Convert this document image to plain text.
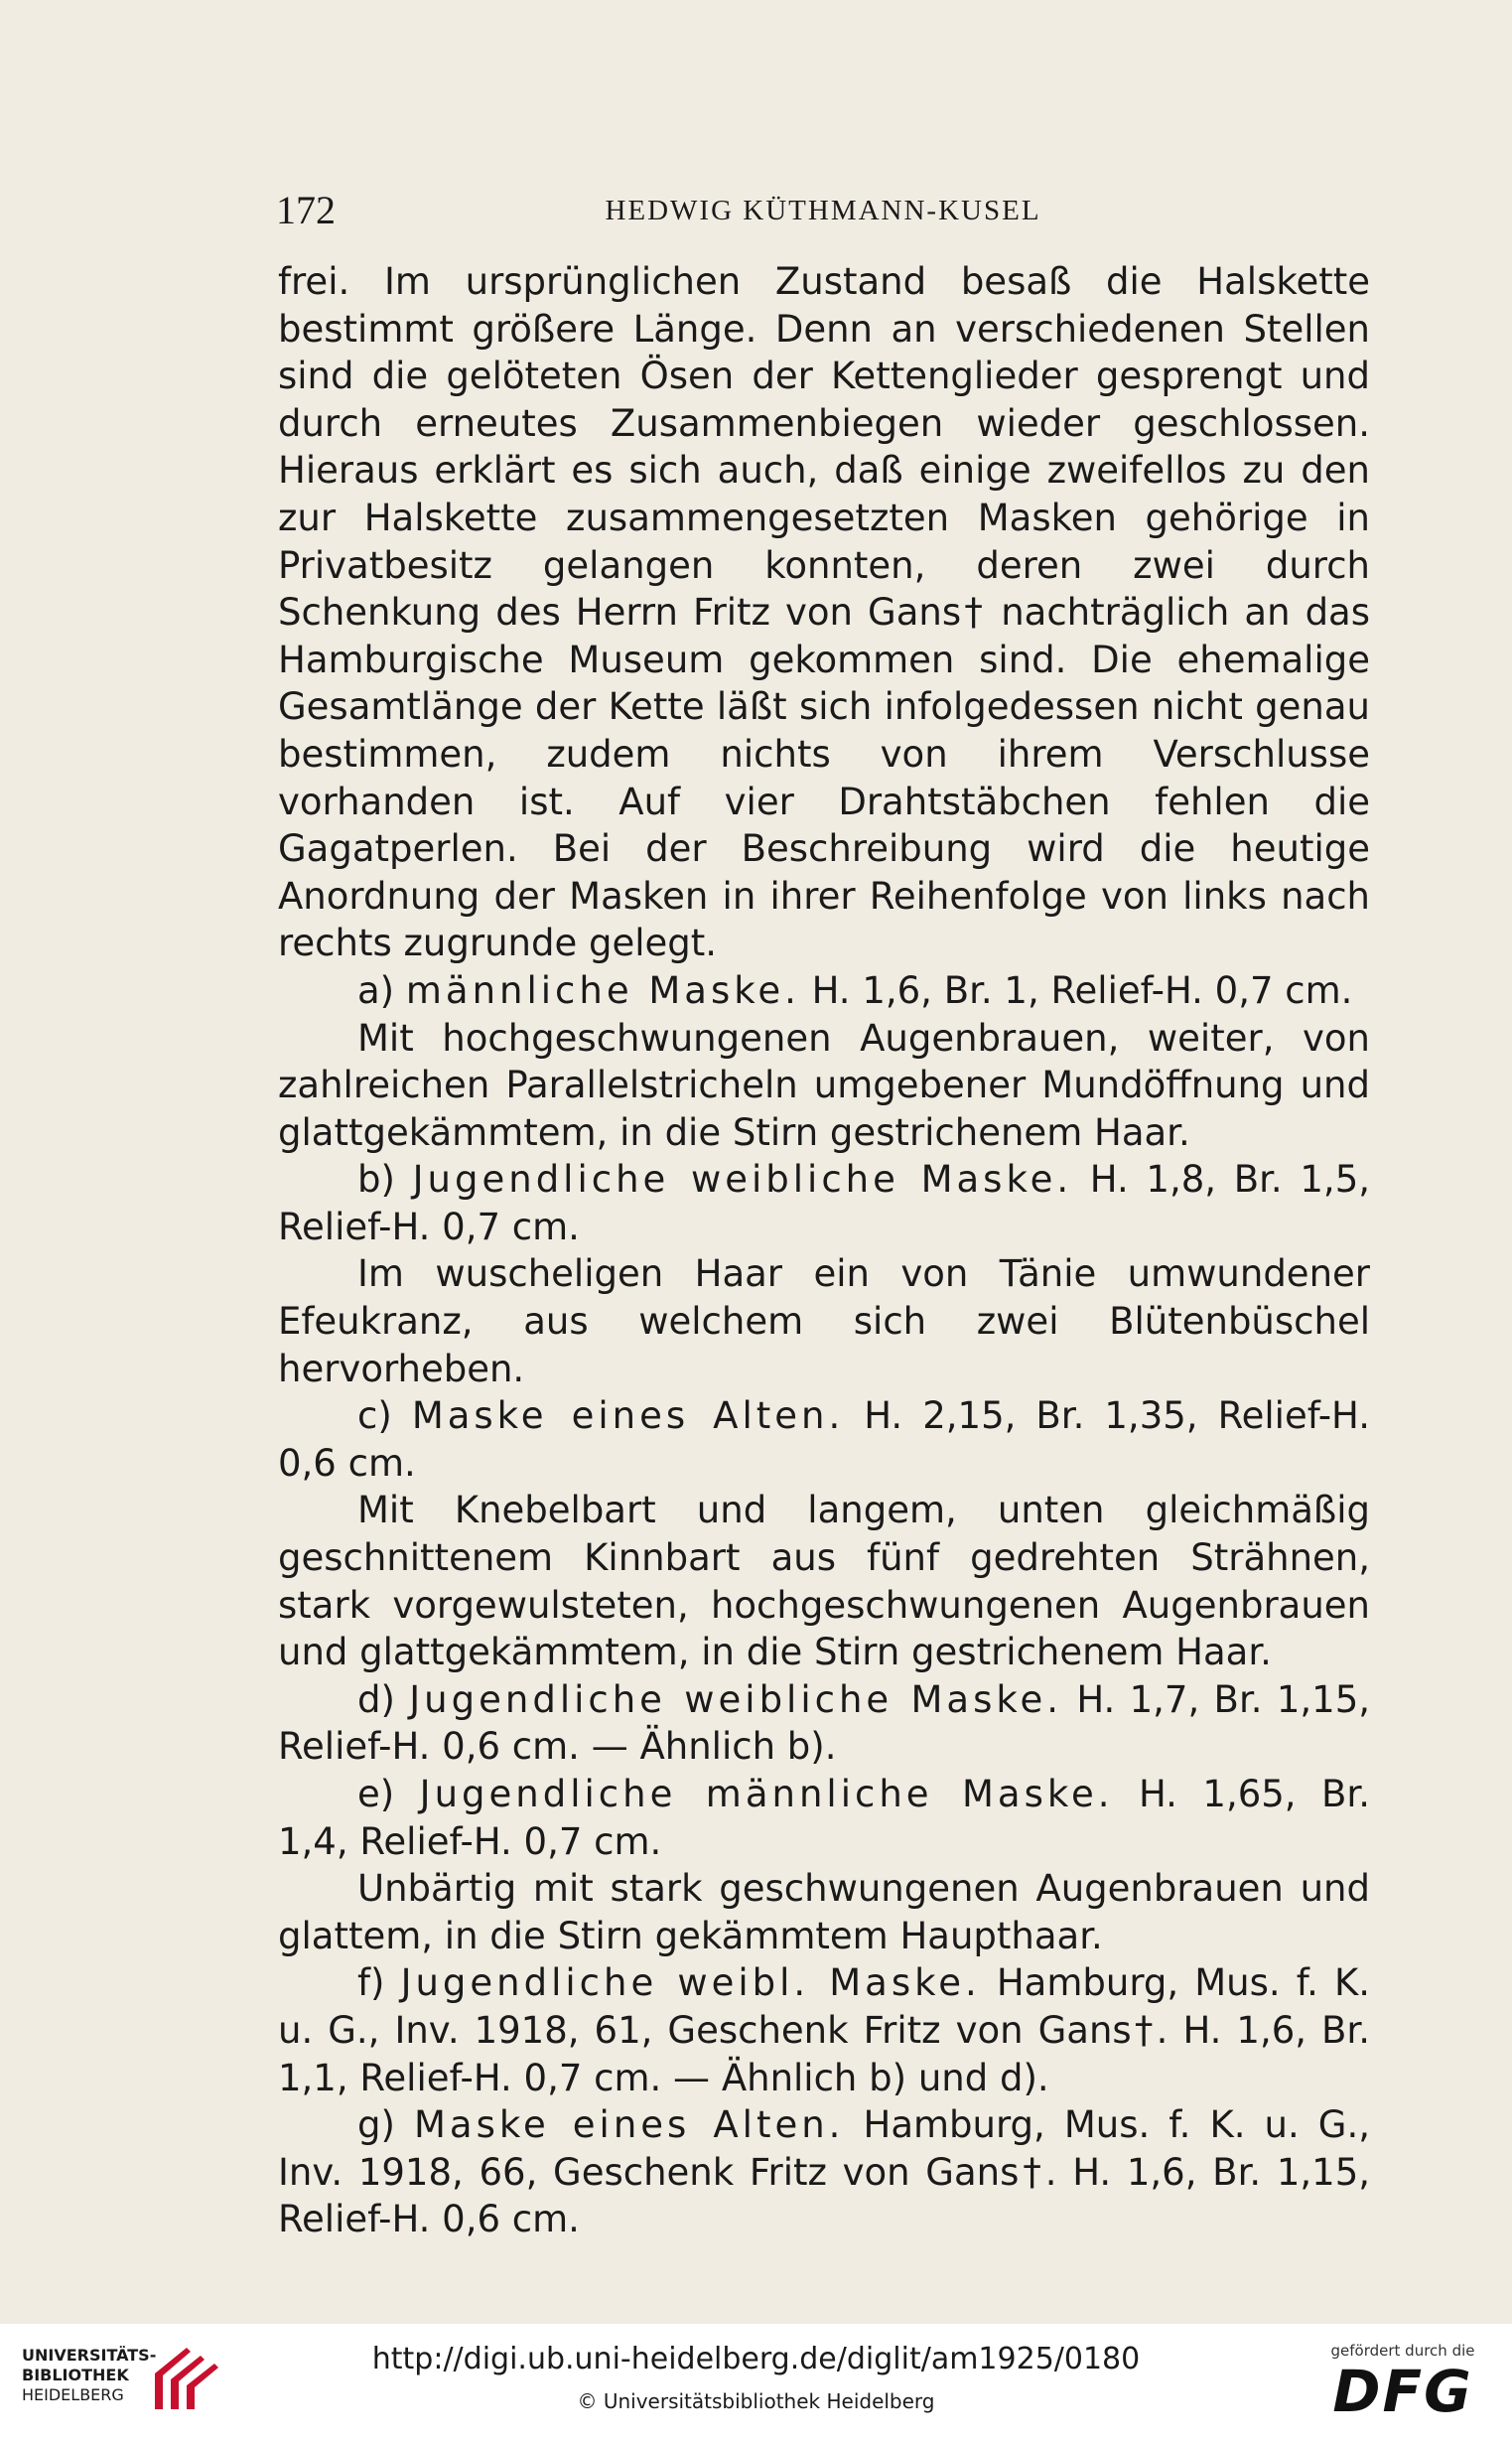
172	HEDWIG KÜTHMANN-KUSEL

frei. Im ursprünglichen Zustand besaß die Halskette bestimmt größere Länge. Denn an verschiedenen Stellen sind die gelöteten Ösen der Kettenglieder gesprengt und durch erneutes Zusammenbiegen wieder geschlossen. Hieraus erklärt es sich auch, daß einige zweifellos zu den zur Halskette zusammengesetzten Masken gehörige in Privatbesitz gelangen konnten, deren zwei durch Schenkung des Herrn Fritz von Gans† nachträglich an das Hamburgische Museum gekommen sind. Die ehemalige Gesamtlänge der Kette läßt sich infolgedessen nicht genau bestimmen, zudem nichts von ihrem Verschlusse vorhanden ist. Auf vier Drahtstäbchen fehlen die Gagatperlen. Bei der Beschreibung wird die heutige Anordnung der Masken in ihrer Reihenfolge von links nach rechts zugrunde gelegt.

a) männliche Maske. H. 1,6, Br. 1, Relief-H. 0,7 cm.

Mit hochgeschwungenen Augenbrauen, weiter, von zahlreichen Parallelstricheln umgebener Mundöffnung und glattgekämmtem, in die Stirn gestrichenem Haar.

b) Jugendliche weibliche Maske. H. 1,8, Br. 1,5, Relief-H. 0,7 cm.

Im wuscheligen Haar ein von Tänie umwundener Efeukranz, aus welchem sich zwei Blütenbüschel hervorheben.

c) Maske eines Alten. H. 2,15, Br. 1,35, Relief-H. 0,6 cm.

Mit Knebelbart und langem, unten gleichmäßig geschnittenem Kinnbart aus fünf gedrehten Strähnen, stark vorgewulsteten, hochgeschwungenen Augenbrauen und glattgekämmtem, in die Stirn gestrichenem Haar.

d) Jugendliche weibliche Maske. H. 1,7, Br. 1,15, Relief-H. 0,6 cm. — Ähnlich b).

e) Jugendliche männliche Maske. H. 1,65, Br. 1,4, Relief-H. 0,7 cm.

Unbärtig mit stark geschwungenen Augenbrauen und glattem, in die Stirn gekämmtem Haupthaar.

f) Jugendliche weibl. Maske. Hamburg, Mus. f. K. u. G., Inv. 1918, 61, Geschenk Fritz von Gans†. H. 1,6, Br. 1,1, Relief-H. 0,7 cm. — Ähnlich b) und d).

g) Maske eines Alten. Hamburg, Mus. f. K. u. G., Inv. 1918, 66, Geschenk Fritz von Gans†. H. 1,6, Br. 1,15, Relief-H. 0,6 cm.

UNIVERSITÄTS-
BIBLIOTHEK
HEIDELBERG
http://digi.ub.uni-heidelberg.de/diglit/am1925/0180
© Universitätsbibliothek Heidelberg
gefördert durch die
DFG
